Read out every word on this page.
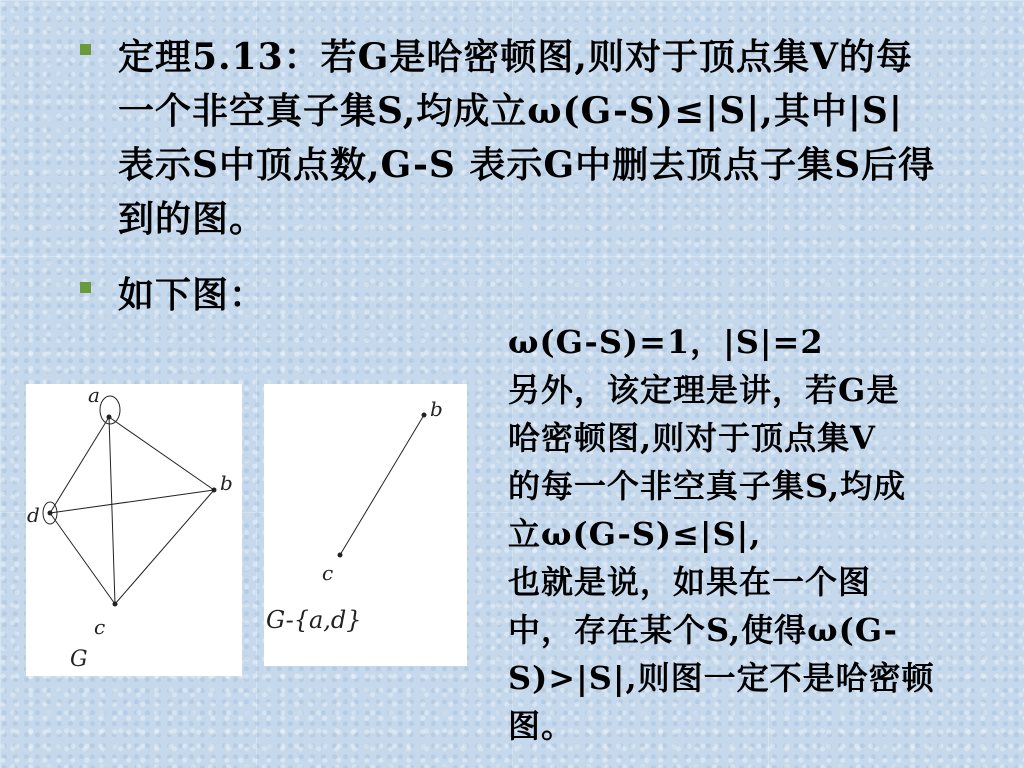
定理5.13：若G是哈密顿图,则对于顶点集V的每一个非空真子集S,均成立ω(G-S)≤|S|,其中|S|表示S中顶点数,G-S 表示G中删去顶点子集S后得到的图。
如下图：
a
b
c
d
G
b
c
G-{a,d}
ω(G-S)=1，|S|=2
另外，该定理是讲，若G是
哈密顿图,则对于顶点集V
的每一个非空真子集S,均成
立ω(G-S)≤|S|,
也就是说，如果在一个图
中，存在某个S,使得ω(G-
S)>|S|,则图一定不是哈密顿
图。
